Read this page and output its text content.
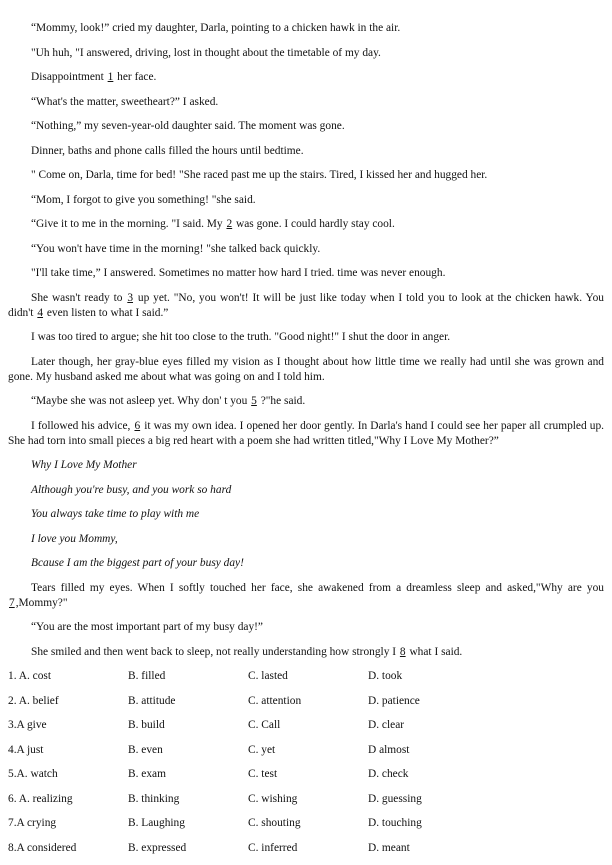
“Mommy, look!” cried my daughter, Darla, pointing to a chicken hawk in the air.

"Uh huh, "I answered, driving, lost in thought about the timetable of my day.

Disappointment 1 her face.

“What's the matter, sweetheart?” I asked.

“Nothing,” my seven-year-old daughter said. The moment was gone.

Dinner, baths and phone calls filled the hours until bedtime.

" Come on, Darla, time for bed! "She raced past me up the stairs. Tired, I kissed her and hugged her.

“Mom, I forgot to give you something! "she said.

“Give it to me in the morning. "I said. My 2 was gone. I could hardly stay cool.

“You won't have time in the morning! "she talked back quickly.

"I'll take time,” I answered. Sometimes no matter how hard I tried. time was never enough.

She wasn't ready to 3 up yet. "No, you won't! It will be just like today when I told you to look at the chicken hawk. You didn't 4 even listen to what I said.”

I was too tired to argue; she hit too close to the truth. "Good night!" I shut the door in anger.

Later though, her gray-blue eyes filled my vision as I thought about how little time we really had until she was grown and gone. My husband asked me about what was going on and I told him.

“Maybe she was not asleep yet. Why don' t you 5 ?"he said.

I followed his advice, 6 it was my own idea. I opened her door gently. In Darla's hand I could see her paper all crumpled up. She had torn into small pieces a big red heart with a poem she had written titled,"Why I Love My Mother?”

Why I Love My Mother

Although you're busy, and you work so hard

You always take time to play with me

I love you Mommy,

Bcause I am the biggest part of your busy day!

Tears filled my eyes. When I softly touched her face, she awakened from a dreamless sleep and asked,"Why are you 7,Mommy?"

“You are the most important part of my busy day!”

She smiled and then went back to sleep, not really understanding how strongly I 8 what I said.

1. A. cost	B. filled	C. lasted	D. took
2. A. belief	B. attitude	C. attention	D. patience
3.A give	B. build	C. Call	D. clear
4.A just	B. even	C. yet	D almost
5.A. watch	B. exam	C. test	D. check
6. A. realizing	B. thinking	C. wishing	D. guessing
7.A crying	B. Laughing	C. shouting	D. touching
8.A considered	B. expressed	C. inferred	D. meant
